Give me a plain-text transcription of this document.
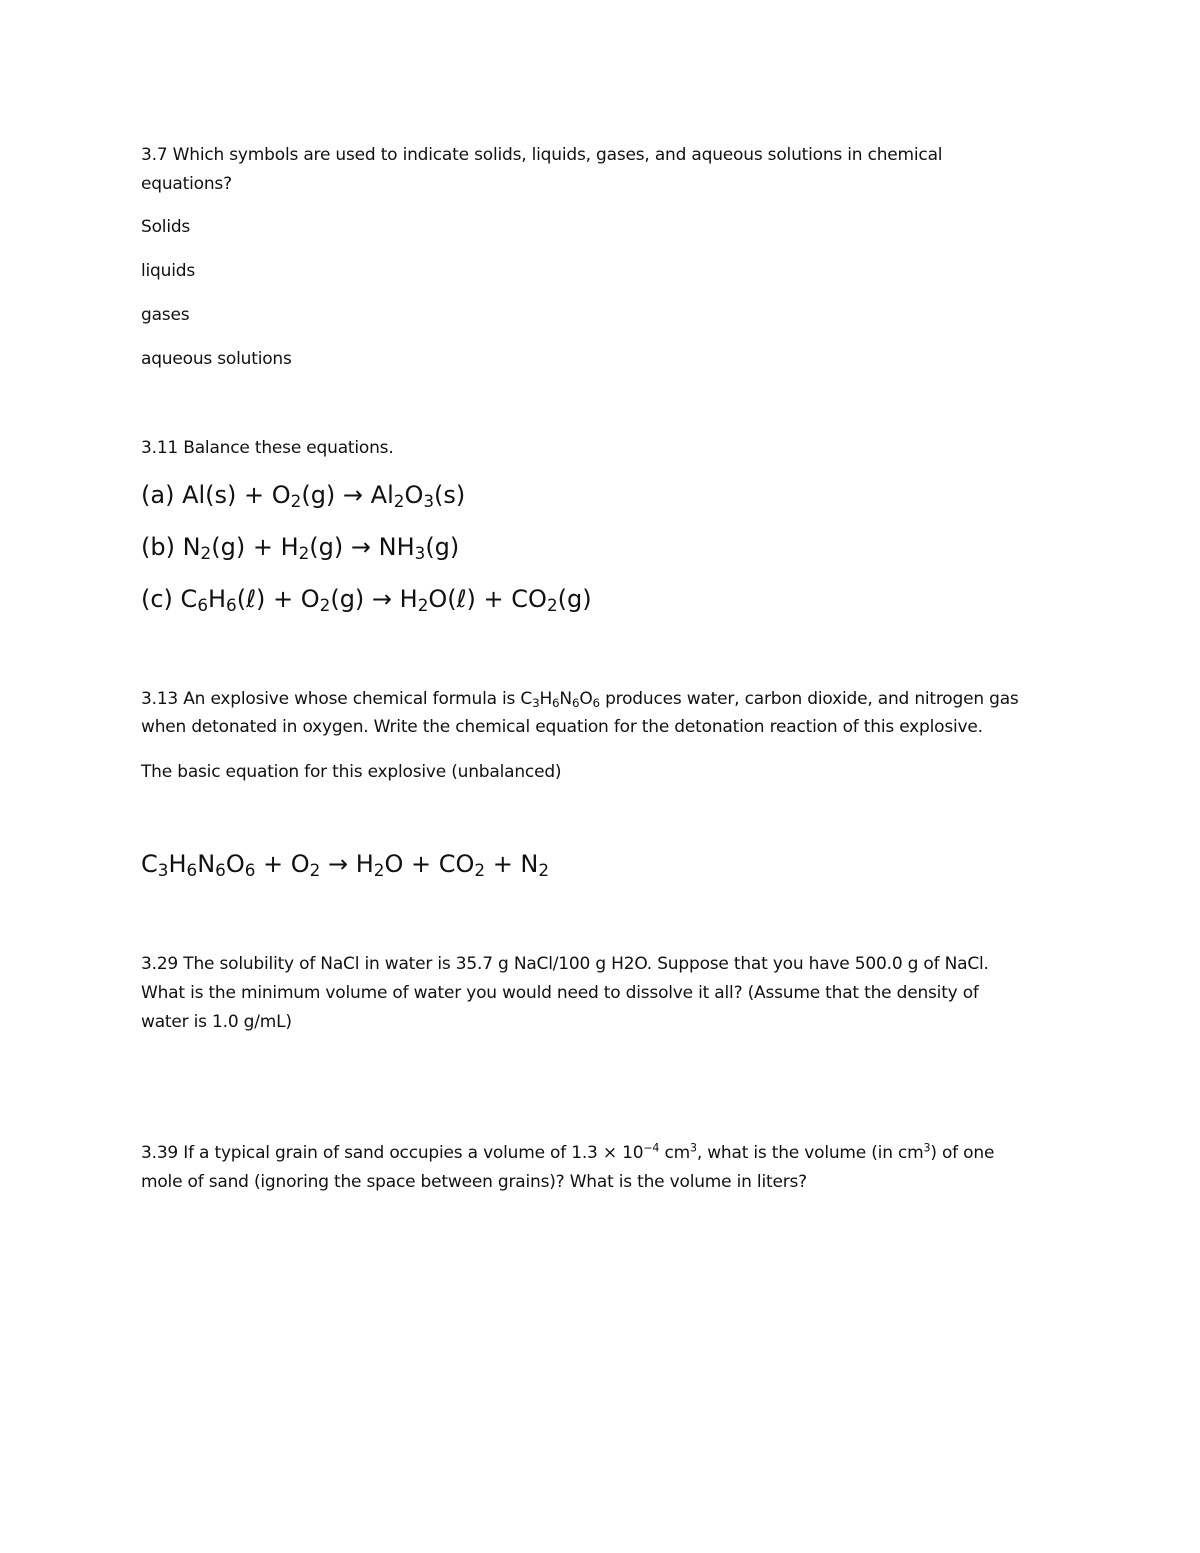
3.7 Which symbols are used to indicate solids, liquids, gases, and aqueous solutions in chemical
equations?
Solids
liquids
gases
aqueous solutions
3.11 Balance these equations.
(a) $Al(s) + O_2(g) \to Al_2O_3(s)$
(b) $N_2(g) + H_2(g) \to NH_3(g)$
(c) $C_6H_6(\ell) + O_2(g)$ → $H_2O(\ell) + CO_2(g)$
3.13 An explosive whose chemical formula is $C_3H_6N_6O_6$ produces water, carbon dioxide, and nitrogen gas
when detonated in oxygen. Write the chemical equation for the detonation reaction of this explosive.
The basic equation for this explosive (unbalanced)
$C_3H_6N_6O_6 + O_2 \to H_2O + CO_2 + N_2$
3.29 The solubility of NaCl in water is 35.7 g NaCl/100 g H2O. Suppose that you have 500.0 g of NaCl.
What is the minimum volume of water you would need to dissolve it all? (Assume that the density of
water is 1.0 g/mL)
3.39 If a typical grain of sand occupies a volume of $1.3 \times 10^{-4}$ $cm^3$, what is the volume (in $cm^3$) of one
mole of sand (ignoring the space between grains)? What is the volume in liters?
